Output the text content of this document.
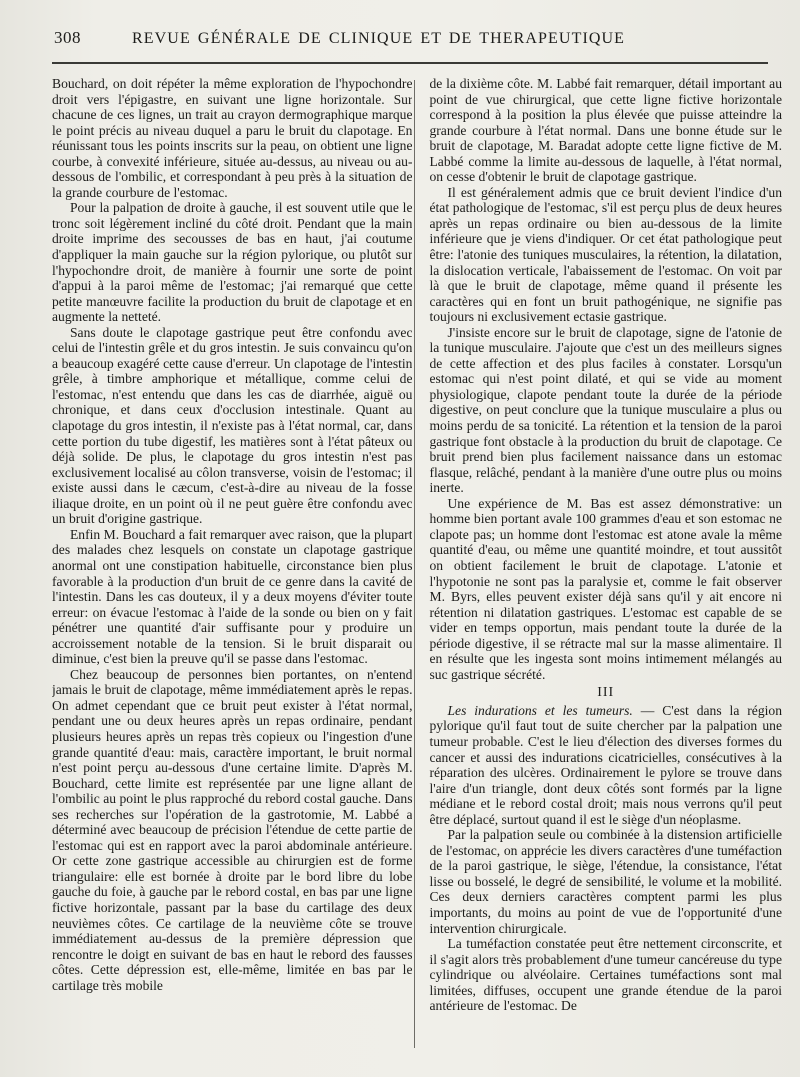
308	REVUE GÉNÉRALE DE CLINIQUE ET DE THERAPEUTIQUE

Bouchard, on doit répéter la même exploration de l'hypochondre droit vers l'épigastre, en suivant une ligne horizontale. Sur chacune de ces lignes, un trait au crayon dermographique marque le point précis au niveau duquel a paru le bruit du clapotage. En réunissant tous les points inscrits sur la peau, on obtient une ligne courbe, à convexité inférieure, située au-dessus, au niveau ou au-dessous de l'ombilic, et correspondant à peu près à la situation de la grande courbure de l'estomac.

Pour la palpation de droite à gauche, il est souvent utile que le tronc soit légèrement incliné du côté droit. Pendant que la main droite imprime des secousses de bas en haut, j'ai coutume d'appliquer la main gauche sur la région pylorique, ou plutôt sur l'hypochondre droit, de manière à fournir une sorte de point d'appui à la paroi même de l'estomac; j'ai remarqué que cette petite manœuvre facilite la production du bruit de clapotage et en augmente la netteté.

Sans doute le clapotage gastrique peut être confondu avec celui de l'intestin grêle et du gros intestin. Je suis convaincu qu'on a beaucoup exagéré cette cause d'erreur. Un clapotage de l'intestin grêle, à timbre amphorique et métallique, comme celui de l'estomac, n'est entendu que dans les cas de diarrhée, aiguë ou chronique, et dans ceux d'occlusion intestinale. Quant au clapotage du gros intestin, il n'existe pas à l'état normal, car, dans cette portion du tube digestif, les matières sont à l'état pâteux ou déjà solide. De plus, le clapotage du gros intestin n'est pas exclusivement localisé au côlon transverse, voisin de l'estomac; il existe aussi dans le cæcum, c'est-à-dire au niveau de la fosse iliaque droite, en un point où il ne peut guère être confondu avec un bruit d'origine gastrique.

Enfin M. Bouchard a fait remarquer avec raison, que la plupart des malades chez lesquels on constate un clapotage gastrique anormal ont une constipation habituelle, circonstance bien plus favorable à la production d'un bruit de ce genre dans la cavité de l'intestin. Dans les cas douteux, il y a deux moyens d'éviter toute erreur: on évacue l'estomac à l'aide de la sonde ou bien on y fait pénétrer une quantité d'air suffisante pour y produire un accroissement notable de la tension. Si le bruit disparait ou diminue, c'est bien la preuve qu'il se passe dans l'estomac.

Chez beaucoup de personnes bien portantes, on n'entend jamais le bruit de clapotage, même immédiatement après le repas. On admet cependant que ce bruit peut exister à l'état normal, pendant une ou deux heures après un repas ordinaire, pendant plusieurs heures après un repas très copieux ou l'ingestion d'une grande quantité d'eau: mais, caractère important, le bruit normal n'est point perçu au-dessous d'une certaine limite. D'après M. Bouchard, cette limite est représentée par une ligne allant de l'ombilic au point le plus rapproché du rebord costal gauche. Dans ses recherches sur l'opération de la gastrotomie, M. Labbé a déterminé avec beaucoup de précision l'étendue de cette partie de l'estomac qui est en rapport avec la paroi abdominale antérieure. Or cette zone gastrique accessible au chirurgien est de forme triangulaire: elle est bornée à droite par le bord libre du lobe gauche du foie, à gauche par le rebord costal, en bas par une ligne fictive horizontale, passant par la base du cartilage des deux neuvièmes côtes. Ce cartilage de la neuvième côte se trouve immédiatement au-dessus de la première dépression que rencontre le doigt en suivant de bas en haut le rebord des fausses côtes. Cette dépression est, elle-même, limitée en bas par le cartilage très mobile

de la dixième côte. M. Labbé fait remarquer, détail important au point de vue chirurgical, que cette ligne fictive horizontale correspond à la position la plus élevée que puisse atteindre la grande courbure à l'état normal. Dans une bonne étude sur le bruit de clapotage, M. Baradat adopte cette ligne fictive de M. Labbé comme la limite au-dessous de laquelle, à l'état normal, on cesse d'obtenir le bruit de clapotage gastrique.

Il est généralement admis que ce bruit devient l'indice d'un état pathologique de l'estomac, s'il est perçu plus de deux heures après un repas ordinaire ou bien au-dessous de la limite inférieure que je viens d'indiquer. Or cet état pathologique peut être: l'atonie des tuniques musculaires, la rétention, la dilatation, la dislocation verticale, l'abaissement de l'estomac. On voit par là que le bruit de clapotage, même quand il présente les caractères qui en font un bruit pathogénique, ne signifie pas toujours ni exclusivement ectasie gastrique.

J'insiste encore sur le bruit de clapotage, signe de l'atonie de la tunique musculaire. J'ajoute que c'est un des meilleurs signes de cette affection et des plus faciles à constater. Lorsqu'un estomac qui n'est point dilaté, et qui se vide au moment physiologique, clapote pendant toute la durée de la période digestive, on peut conclure que la tunique musculaire a plus ou moins perdu de sa tonicité. La rétention et la tension de la paroi gastrique font obstacle à la production du bruit de clapotage. Ce bruit prend bien plus facilement naissance dans un estomac flasque, relâché, pendant à la manière d'une outre plus ou moins inerte.

Une expérience de M. Bas est assez démonstrative: un homme bien portant avale 100 grammes d'eau et son estomac ne clapote pas; un homme dont l'estomac est atone avale la même quantité d'eau, ou même une quantité moindre, et tout aussitôt on obtient facilement le bruit de clapotage. L'atonie et l'hypotonie ne sont pas la paralysie et, comme le fait observer M. Byrs, elles peuvent exister déjà sans qu'il y ait encore ni rétention ni dilatation gastriques. L'estomac est capable de se vider en temps opportun, mais pendant toute la durée de la période digestive, il se rétracte mal sur la masse alimentaire. Il en résulte que les ingesta sont moins intimement mélangés au suc gastrique sécrété.

III

Les indurations et les tumeurs. — C'est dans la région pylorique qu'il faut tout de suite chercher par la palpation une tumeur probable. C'est le lieu d'élection des diverses formes du cancer et aussi des indurations cicatricielles, consécutives à la réparation des ulcères. Ordinairement le pylore se trouve dans l'aire d'un triangle, dont deux côtés sont formés par la ligne médiane et le rebord costal droit; mais nous verrons qu'il peut être déplacé, surtout quand il est le siège d'un néoplasme.

Par la palpation seule ou combinée à la distension artificielle de l'estomac, on apprécie les divers caractères d'une tuméfaction de la paroi gastrique, le siège, l'étendue, la consistance, l'état lisse ou bosselé, le degré de sensibilité, le volume et la mobilité. Ces deux derniers caractères comptent parmi les plus importants, du moins au point de vue de l'opportunité d'une intervention chirurgicale.

La tuméfaction constatée peut être nettement circonscrite, et il s'agit alors très probablement d'une tumeur cancéreuse du type cylindrique ou alvéolaire. Certaines tuméfactions sont mal limitées, diffuses, occupent une grande étendue de la paroi antérieure de l'estomac. De
